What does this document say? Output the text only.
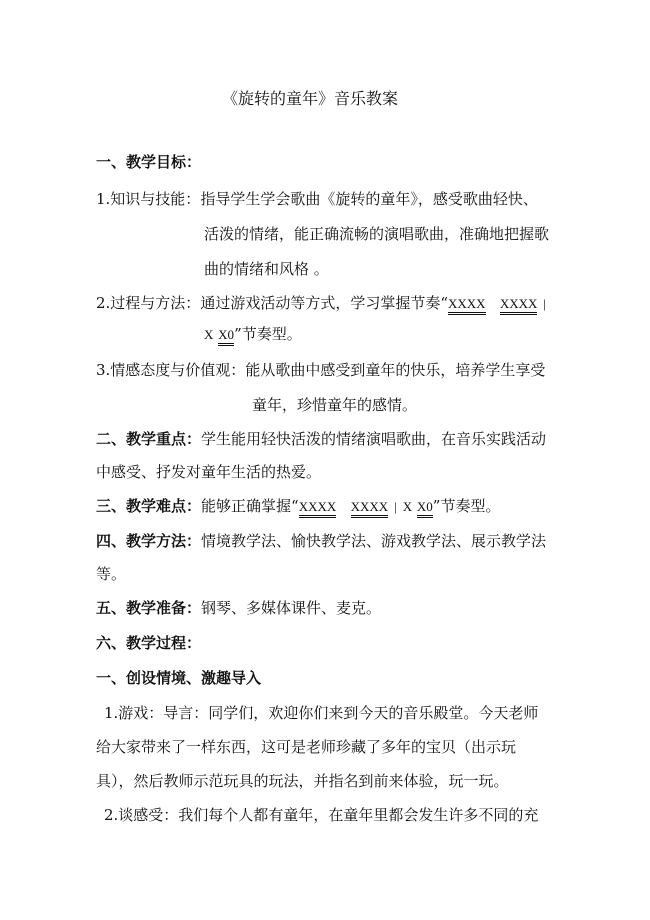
《旋转的童年》音乐教案
一、教学目标：
1.知识与技能：指导学生学会歌曲《旋转的童年》，感受歌曲轻快、
活泼的情绪，能正确流畅的演唱歌曲，准确地把握歌
曲的情绪和风格 。
2.过程与方法：通过游戏活动等方式，学习掌握节奏“XXXX XXXX |
X X0”节奏型。
3.情感态度与价值观：能从歌曲中感受到童年的快乐，培养学生享受
童年，珍惜童年的感情。
二、教学重点：学生能用轻快活泼的情绪演唱歌曲，在音乐实践活动
中感受、抒发对童年生活的热爱。
三、教学难点：能够正确掌握“XXXX XXXX | X X0”节奏型。
四、教学方法：情境教学法、愉快教学法、游戏教学法、展示教学法
等。
五、教学准备：钢琴、多媒体课件、麦克。
六、教学过程：
一、创设情境、激趣导入
1.游戏：导言：同学们，欢迎你们来到今天的音乐殿堂。今天老师
给大家带来了一样东西，这可是老师珍藏了多年的宝贝（出示玩
具），然后教师示范玩具的玩法，并指名到前来体验，玩一玩。
2.谈感受：我们每个人都有童年，在童年里都会发生许多不同的充
